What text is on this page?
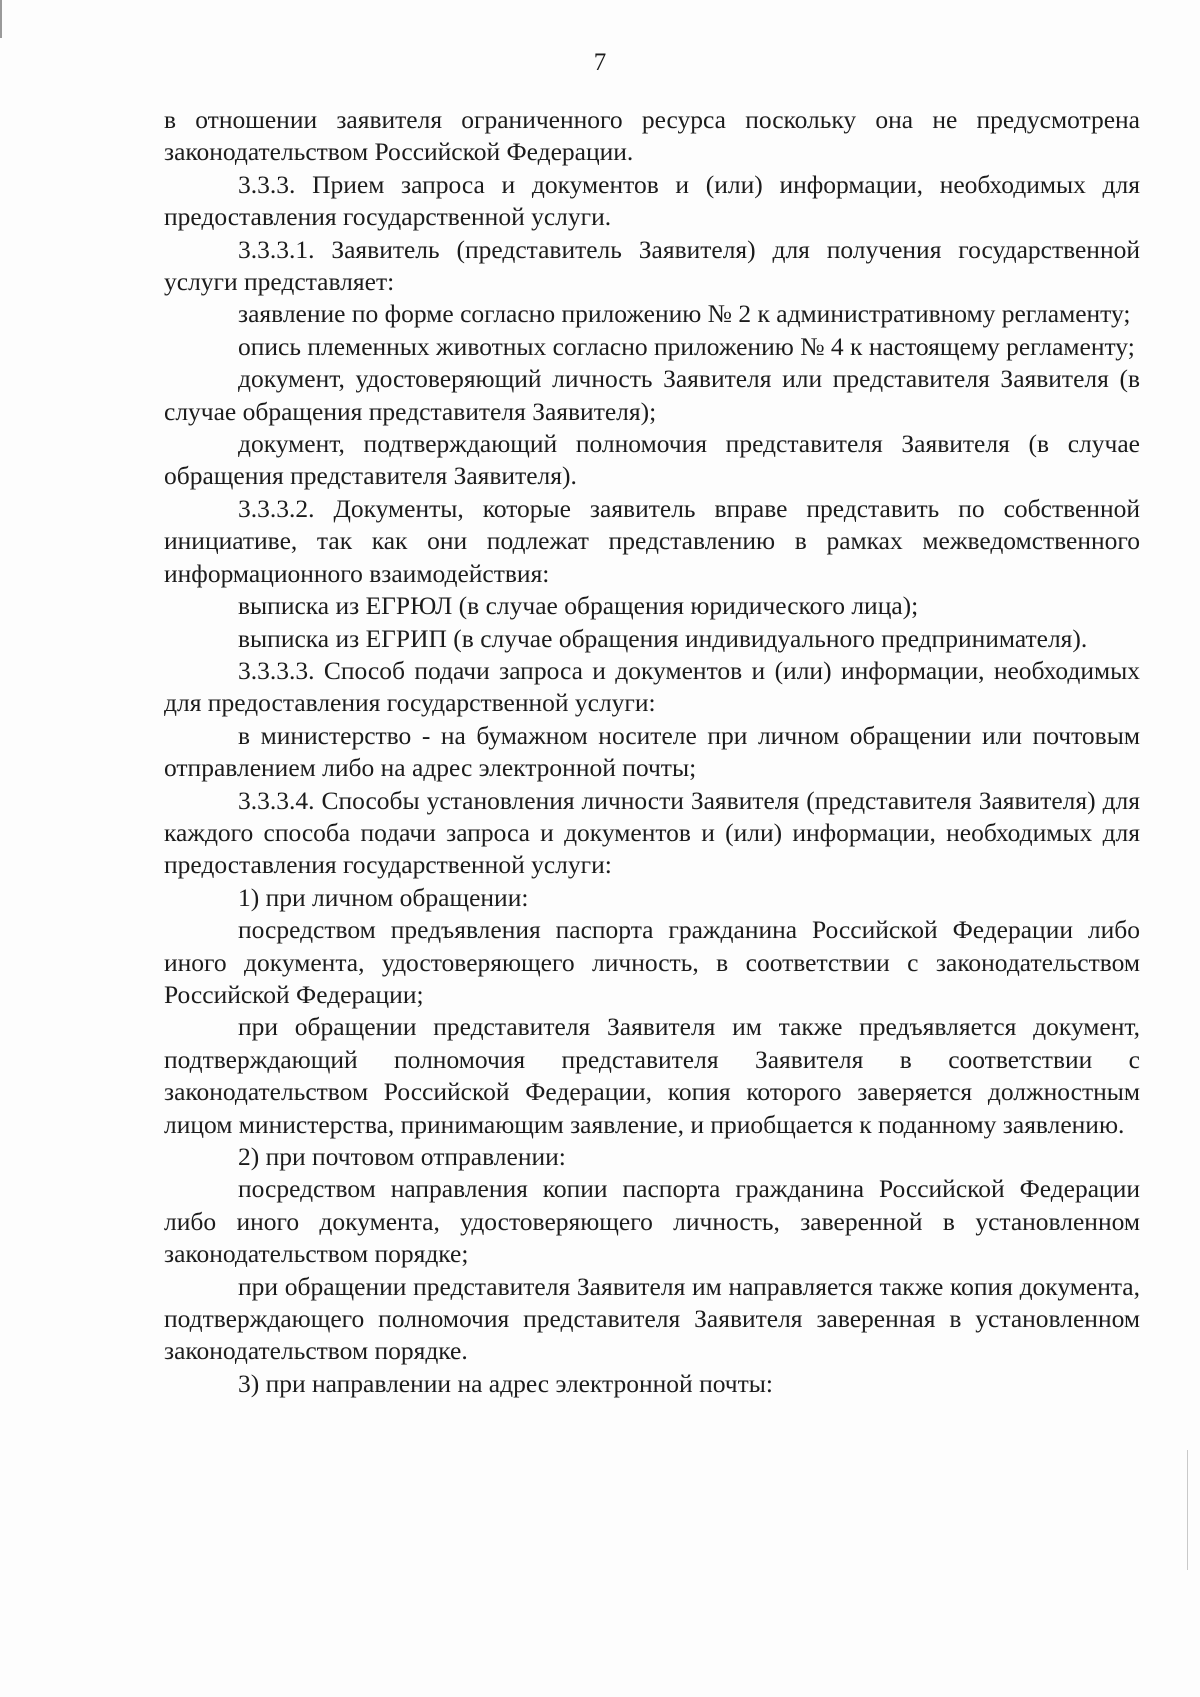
7

в отношении заявителя ограниченного ресурса поскольку она не предусмотрена законодательством Российской Федерации.

3.3.3. Прием запроса и документов и (или) информации, необходимых для предоставления государственной услуги.

3.3.3.1. Заявитель (представитель Заявителя) для получения государственной услуги представляет:

заявление по форме согласно приложению № 2 к административному регламенту;

опись племенных животных согласно приложению № 4 к настоящему регламенту;

документ, удостоверяющий личность Заявителя или представителя Заявителя (в случае обращения представителя Заявителя);

документ, подтверждающий полномочия представителя Заявителя (в случае обращения представителя Заявителя).

3.3.3.2. Документы, которые заявитель вправе представить по собственной инициативе, так как они подлежат представлению в рамках межведомственного информационного взаимодействия:

выписка из ЕГРЮЛ (в случае обращения юридического лица);

выписка из ЕГРИП (в случае обращения индивидуального предпринимателя).

3.3.3.3. Способ подачи запроса и документов и (или) информации, необходимых для предоставления государственной услуги:

в министерство - на бумажном носителе при личном обращении или почтовым отправлением либо на адрес электронной почты;

3.3.3.4. Способы установления личности Заявителя (представителя Заявителя) для каждого способа подачи запроса и документов и (или) информации, необходимых для предоставления государственной услуги:

1) при личном обращении:

посредством предъявления паспорта гражданина Российской Федерации либо иного документа, удостоверяющего личность, в соответствии с законодательством Российской Федерации;

при обращении представителя Заявителя им также предъявляется документ, подтверждающий полномочия представителя Заявителя в соответствии с законодательством Российской Федерации, копия которого заверяется должностным лицом министерства, принимающим заявление, и приобщается к поданному заявлению.

2) при почтовом отправлении:

посредством направления копии паспорта гражданина Российской Федерации либо иного документа, удостоверяющего личность, заверенной в установленном законодательством порядке;

при обращении представителя Заявителя им направляется также копия документа, подтверждающего полномочия представителя Заявителя заверенная в установленном законодательством порядке.

3) при направлении на адрес электронной почты:
